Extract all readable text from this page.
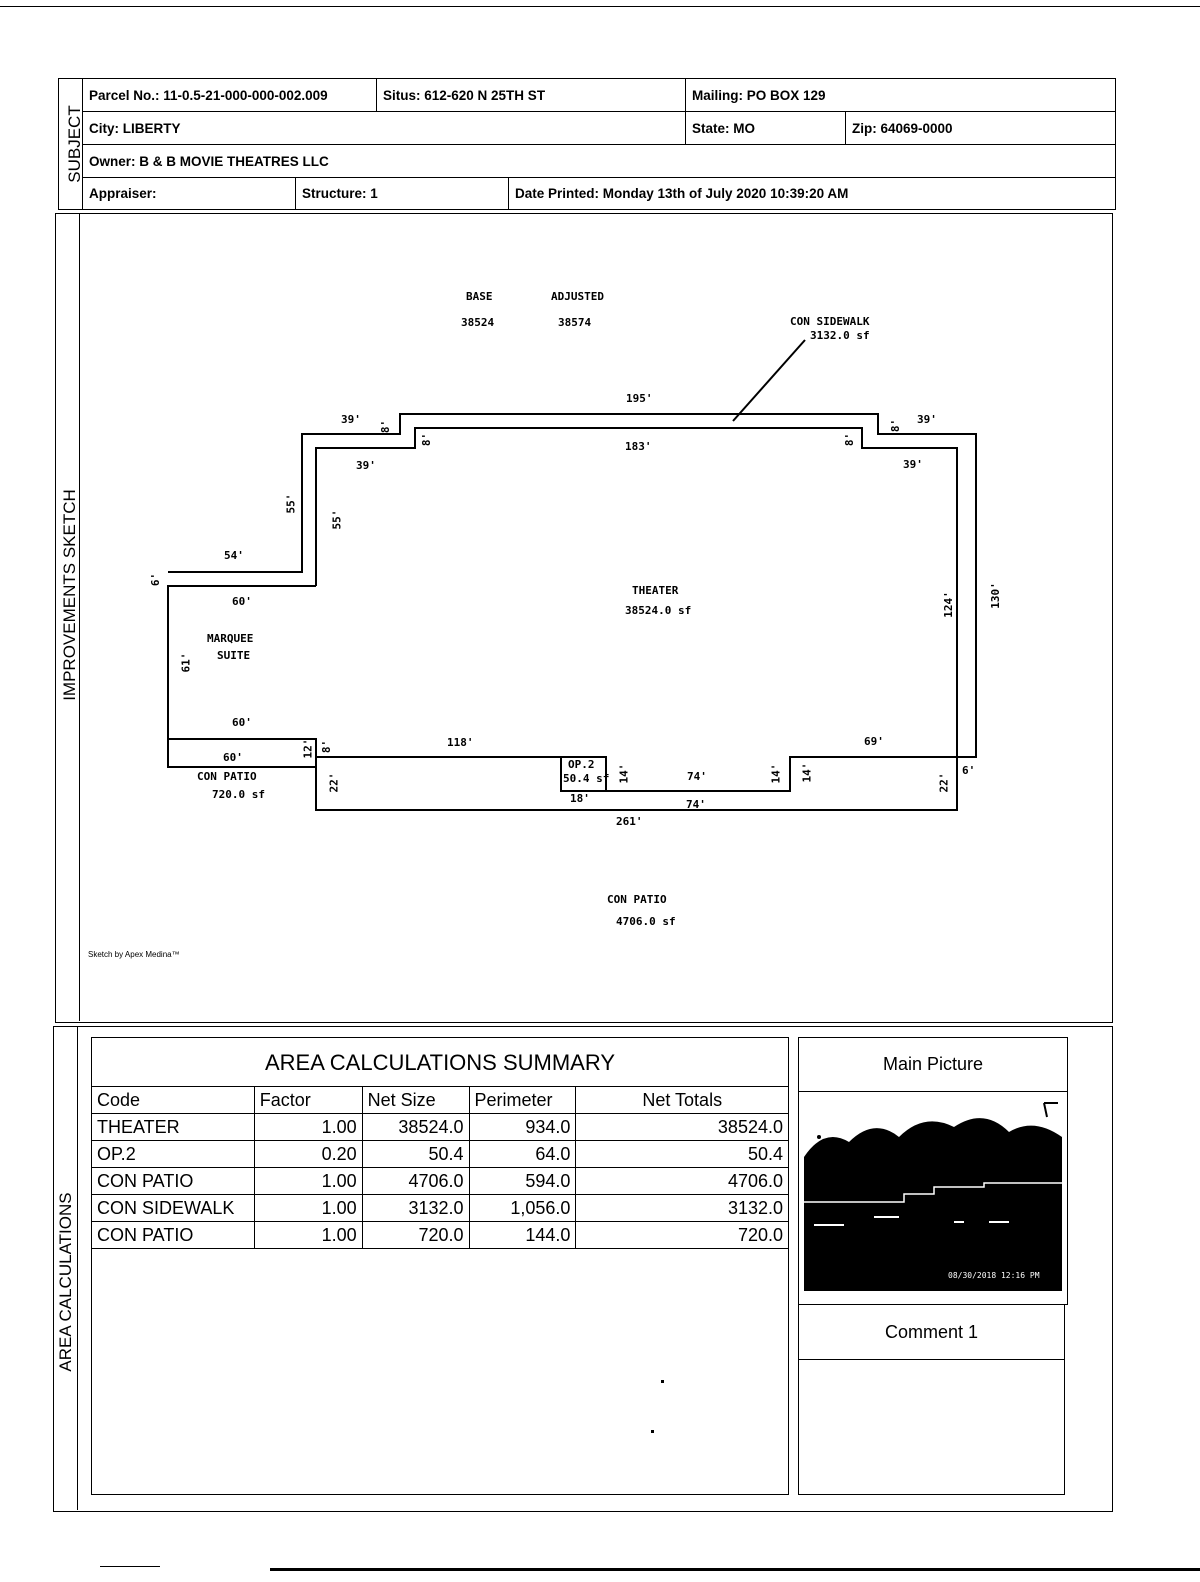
SUBJECT
Parcel No.: 11-0.5-21-000-000-002.009	Situs: 612-620 N 25TH ST	Mailing: PO BOX 129
City: LIBERTY	State: MO	Zip: 64069-0000
Owner: B & B MOVIE THEATRES LLC
Appraiser:	Structure: 1	Date Printed: Monday 13th of July 2020 10:39:20 AM
IMPROVEMENTS SKETCH
BASE
38524
ADJUSTED
38574	CON SIDEWALK
3132.0 sf
THEATER
38524.0 sf
MARQUEE
SUITE
CON PATIO
720.0 sf
CON PATIO
4706.0 sf
OP.2
50.4 sf
Sketch by Apex Medina™
195'
183'
39'
39'
39'
39'
54'
60'
60'
60'
118'
18'
74'
74'
69'
261'
8'
8'	8'
8'
55'
55'
6'
61'
12' 8'
22'	14'	14' 14'
22'
6'
124'	130'
AREA CALCULATIONS
AREA CALCULATIONS SUMMARY
Code	Factor	Net Size	Perimeter	Net Totals
THEATER	1.00	38524.0	934.0	38524.0
OP.2	0.20	50.4	64.0	50.4
CON PATIO	1.00	4706.0	594.0	4706.0
CON SIDEWALK	1.00	3132.0	1,056.0	3132.0
CON PATIO	1.00	720.0	144.0	720.0
Main Picture
08/30/2018 12:16 PM
Comment 1
